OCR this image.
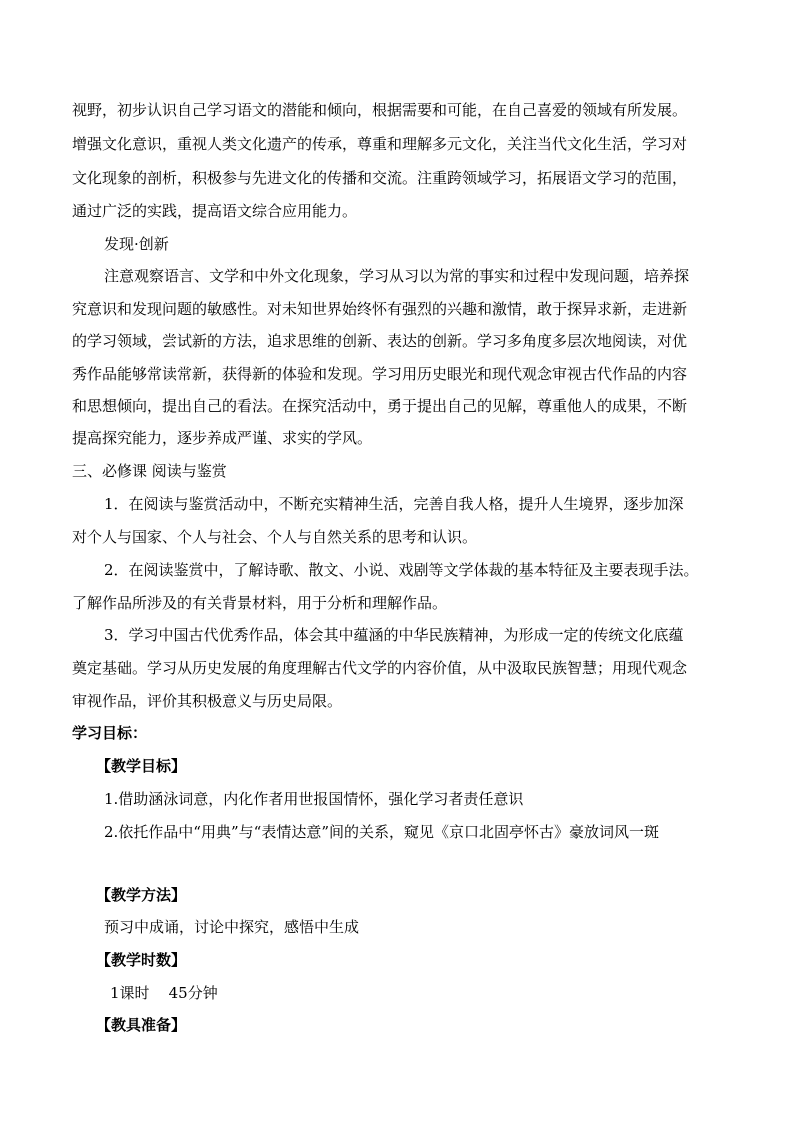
视野，初步认识自己学习语文的潜能和倾向，根据需要和可能，在自己喜爱的领域有所发展。
增强文化意识，重视人类文化遗产的传承，尊重和理解多元文化，关注当代文化生活，学习对
文化现象的剖析，积极参与先进文化的传播和交流。注重跨领域学习，拓展语文学习的范围，
通过广泛的实践，提高语文综合应用能力。
发现·创新
注意观察语言、文学和中外文化现象，学习从习以为常的事实和过程中发现问题，培养探
究意识和发现问题的敏感性。对未知世界始终怀有强烈的兴趣和激情，敢于探异求新，走进新
的学习领域，尝试新的方法，追求思维的创新、表达的创新。学习多角度多层次地阅读，对优
秀作品能够常读常新，获得新的体验和发现。学习用历史眼光和现代观念审视古代作品的内容
和思想倾向，提出自己的看法。在探究活动中，勇于提出自己的见解，尊重他人的成果，不断
提高探究能力，逐步养成严谨、求实的学风。
三、必修课 阅读与鉴赏
1．在阅读与鉴赏活动中，不断充实精神生活，完善自我人格，提升人生境界，逐步加深
对个人与国家、个人与社会、个人与自然关系的思考和认识。
2．在阅读鉴赏中，了解诗歌、散文、小说、戏剧等文学体裁的基本特征及主要表现手法。
了解作品所涉及的有关背景材料，用于分析和理解作品。
3．学习中国古代优秀作品，体会其中蕴涵的中华民族精神，为形成一定的传统文化底蕴
奠定基础。学习从历史发展的角度理解古代文学的内容价值，从中汲取民族智慧；用现代观念
审视作品，评价其积极意义与历史局限。
学习目标：
【教学目标】
1.借助涵泳词意，内化作者用世报国情怀，强化学习者责任意识
2.依托作品中“用典”与“表情达意”间的关系，窥见《京口北固亭怀古》豪放词风一斑
【教学方法】
预习中成诵，讨论中探究，感悟中生成
【教学时数】
1课时    45分钟
【教具准备】
